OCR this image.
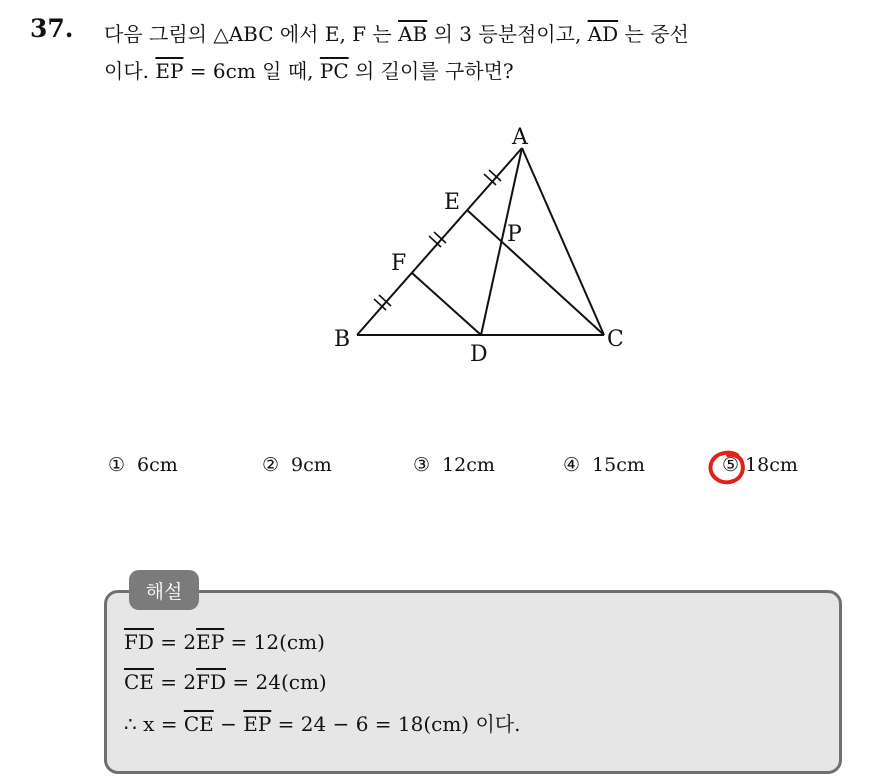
37. 다음 그림의 △ABC 에서 E, F 는 $\overline{AB}$ 의 3 등분점이고, $\overline{AD}$ 는 중선
이다. $\overline{EP} = 6cm$ 일 때, $\overline{PC}$ 의 길이를 구하면?
A
E
P
F
B
D
C
① 6cm	② 9cm	③ 12cm	④ 15cm	⑤ 18cm
해설
$\overline{FD} = 2\overline{EP} = 12(cm)$
$\overline{CE} = 2\overline{FD} = 24(cm)$
∴ $x = \overline{CE} - \overline{EP} = 24 - 6 = 18(cm)$ 이다.
